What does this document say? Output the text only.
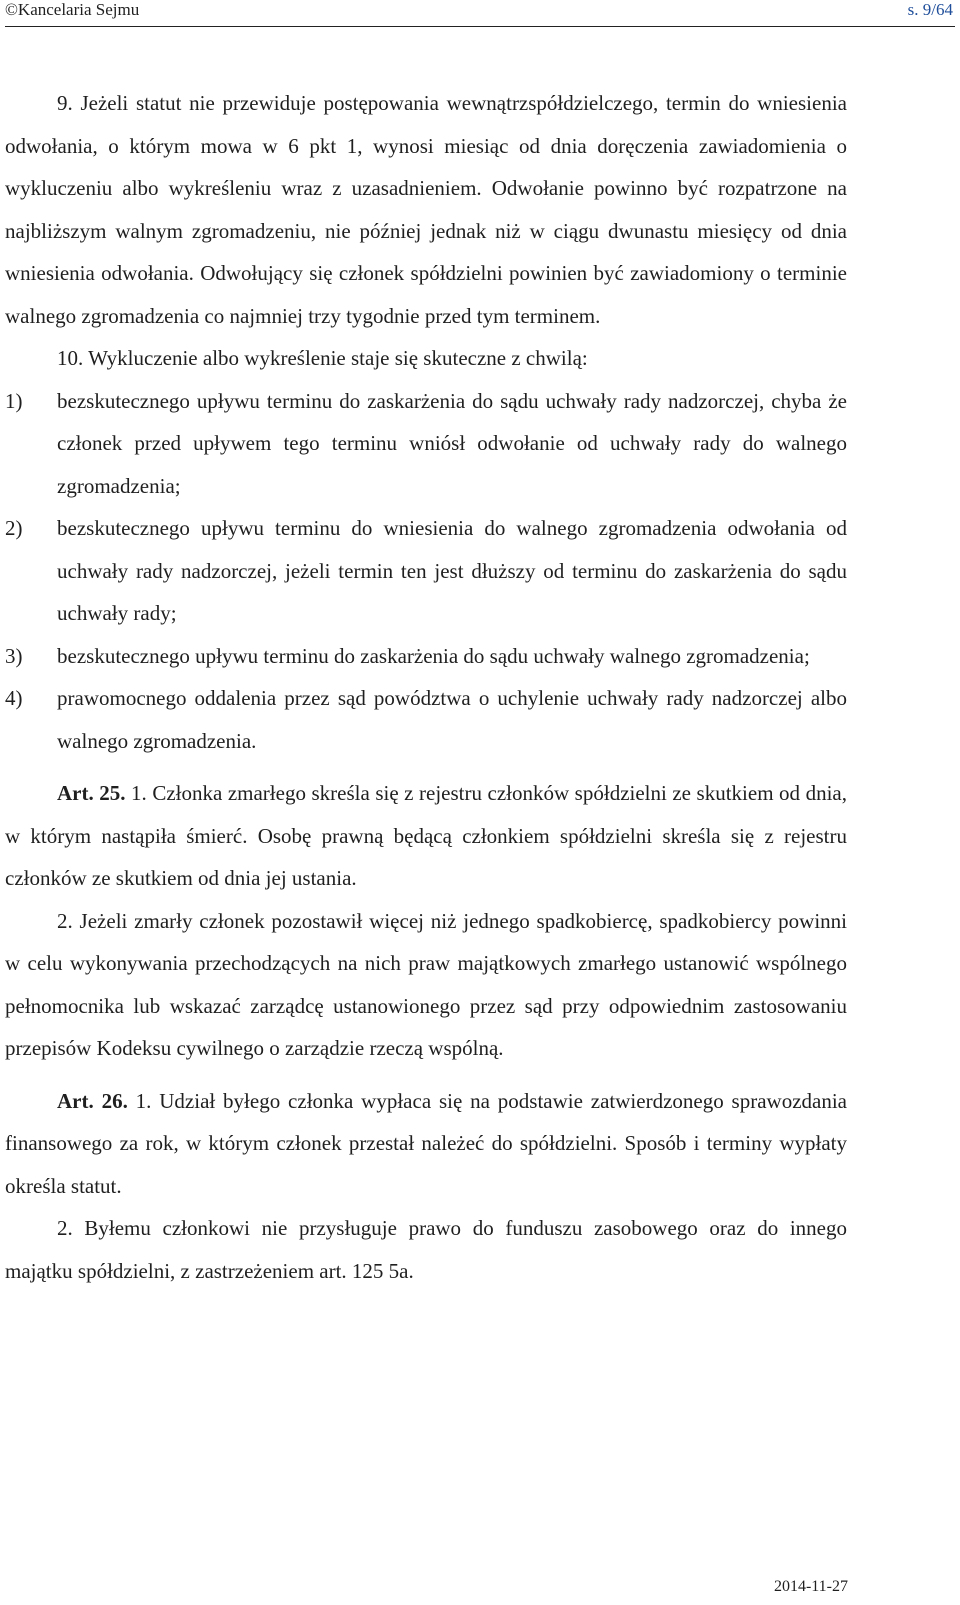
©Kancelaria Sejmu	s. 9/64

9. Jeżeli statut nie przewiduje postępowania wewnątrzspółdzielczego, termin do wniesienia odwołania, o którym mowa w 6 pkt 1, wynosi miesiąc od dnia doręczenia zawiadomienia o wykluczeniu albo wykreśleniu wraz z uzasadnieniem. Odwołanie powinno być rozpatrzone na najbliższym walnym zgromadzeniu, nie później jednak niż w ciągu dwunastu miesięcy od dnia wniesienia odwołania. Odwołujący się członek spółdzielni powinien być zawiadomiony o terminie walnego zgromadzenia co najmniej trzy tygodnie przed tym terminem.

10. Wykluczenie albo wykreślenie staje się skuteczne z chwilą:

1) bezskutecznego upływu terminu do zaskarżenia do sądu uchwały rady nadzorczej, chyba że członek przed upływem tego terminu wniósł odwołanie od uchwały rady do walnego zgromadzenia;

2) bezskutecznego upływu terminu do wniesienia do walnego zgromadzenia odwołania od uchwały rady nadzorczej, jeżeli termin ten jest dłuższy od terminu do zaskarżenia do sądu uchwały rady;

3) bezskutecznego upływu terminu do zaskarżenia do sądu uchwały walnego zgromadzenia;

4) prawomocnego oddalenia przez sąd powództwa o uchylenie uchwały rady nadzorczej albo walnego zgromadzenia.

Art. 25. 1. Członka zmarłego skreśla się z rejestru członków spółdzielni ze skutkiem od dnia, w którym nastąpiła śmierć. Osobę prawną będącą członkiem spółdzielni skreśla się z rejestru członków ze skutkiem od dnia jej ustania.

2. Jeżeli zmarły członek pozostawił więcej niż jednego spadkobiercę, spadkobiercy powinni w celu wykonywania przechodzących na nich praw majątkowych zmarłego ustanowić wspólnego pełnomocnika lub wskazać zarządcę ustanowionego przez sąd przy odpowiednim zastosowaniu przepisów Kodeksu cywilnego o zarządzie rzeczą wspólną.

Art. 26. 1. Udział byłego członka wypłaca się na podstawie zatwierdzonego sprawozdania finansowego za rok, w którym członek przestał należeć do spółdzielni. Sposób i terminy wypłaty określa statut.

2. Byłemu członkowi nie przysługuje prawo do funduszu zasobowego oraz do innego majątku spółdzielni, z zastrzeżeniem art. 125 5a.

2014-11-27
